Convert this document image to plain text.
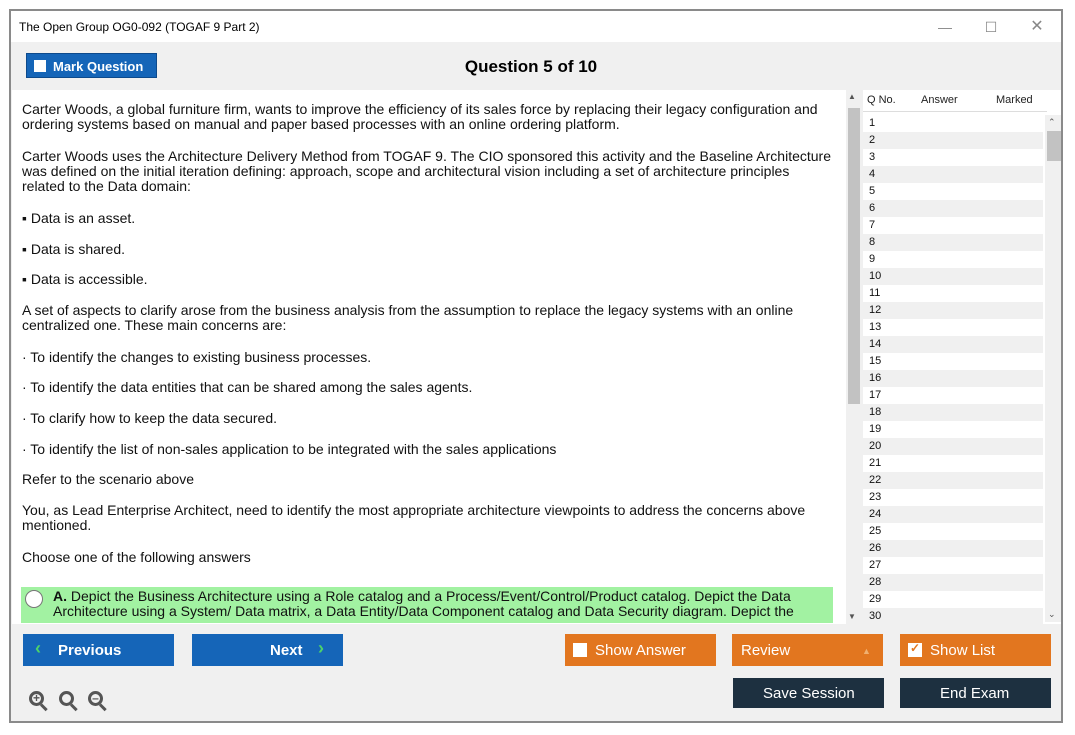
The Open Group OG0-092 (TOGAF 9 Part 2)	—	☐	✕
Mark Question	Question 5 of 10
Carter Woods, a global furniture firm, wants to improve the efficiency of its sales force by replacing their legacy configuration and ordering systems based on manual and paper based processes with an online ordering platform.
Carter Woods uses the Architecture Delivery Method from TOGAF 9. The CIO sponsored this activity and the Baseline Architecture was defined on the initial iteration defining: approach, scope and architectural vision including a set of architecture principles related to the Data domain:
▪ Data is an asset.
▪ Data is shared.
▪ Data is accessible.
A set of aspects to clarify arose from the business analysis from the assumption to replace the legacy systems with an online centralized one. These main concerns are:
· To identify the changes to existing business processes.
· To identify the data entities that can be shared among the sales agents.
· To clarify how to keep the data secured.
· To identify the list of non-sales application to be integrated with the sales applications
Refer to the scenario above
You, as Lead Enterprise Architect, need to identify the most appropriate architecture viewpoints to address the concerns above mentioned.
Choose one of the following answers
A. Depict the Business Architecture using a Role catalog and a Process/Event/Control/Product catalog. Depict the Data Architecture using a System/ Data matrix, a Data Entity/Data Component catalog and Data Security diagram. Depict the
▲
▼
Q No. Answer	Marked
1
2
3
4
5
6
7
8
9
10
11
12
13
14
15
16
17
18
19
20
21
22
23
24
25
26
27
28
29
30
⌃
⌄
‹ Previous	Next ›	Show Answer	Review	▲
✓	Show List
Save Session	End Exam
+	–
